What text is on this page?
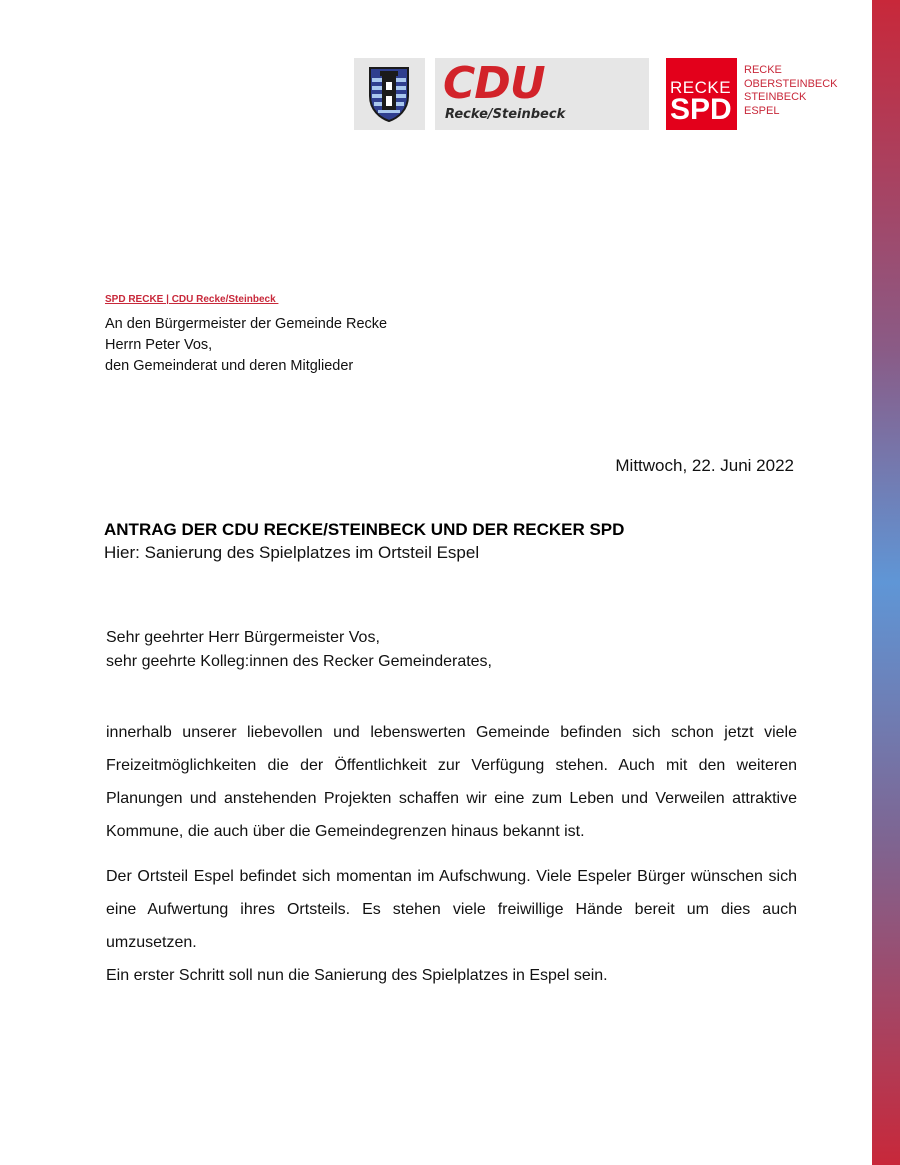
CDU
Recke/Steinbeck
RECKE
SPD
RECKE
OBERSTEINBECK
STEINBECK
ESPEL
SPD RECKE | CDU Recke/Steinbeck
An den Bürgermeister der Gemeinde Recke
Herrn Peter Vos,
den Gemeinderat und deren Mitglieder
Mittwoch, 22. Juni 2022
ANTRAG DER CDU RECKE/STEINBECK UND DER RECKER SPD
Hier: Sanierung des Spielplatzes im Ortsteil Espel
Sehr geehrter Herr Bürgermeister Vos,
sehr geehrte Kolleg:innen des Recker Gemeinderates,

innerhalb unserer liebevollen und lebenswerten Gemeinde befinden sich schon jetzt viele Freizeitmöglichkeiten die der Öffentlichkeit zur Verfügung stehen. Auch mit den weiteren Planungen und anstehenden Projekten schaffen wir eine zum Leben und Verweilen attraktive Kommune, die auch über die Gemeindegrenzen hinaus bekannt ist.

Der Ortsteil Espel befindet sich momentan im Aufschwung. Viele Espeler Bürger wünschen sich eine Aufwertung ihres Ortsteils. Es stehen viele freiwillige Hände bereit um dies auch umzusetzen.

Ein erster Schritt soll nun die Sanierung des Spielplatzes in Espel sein.
